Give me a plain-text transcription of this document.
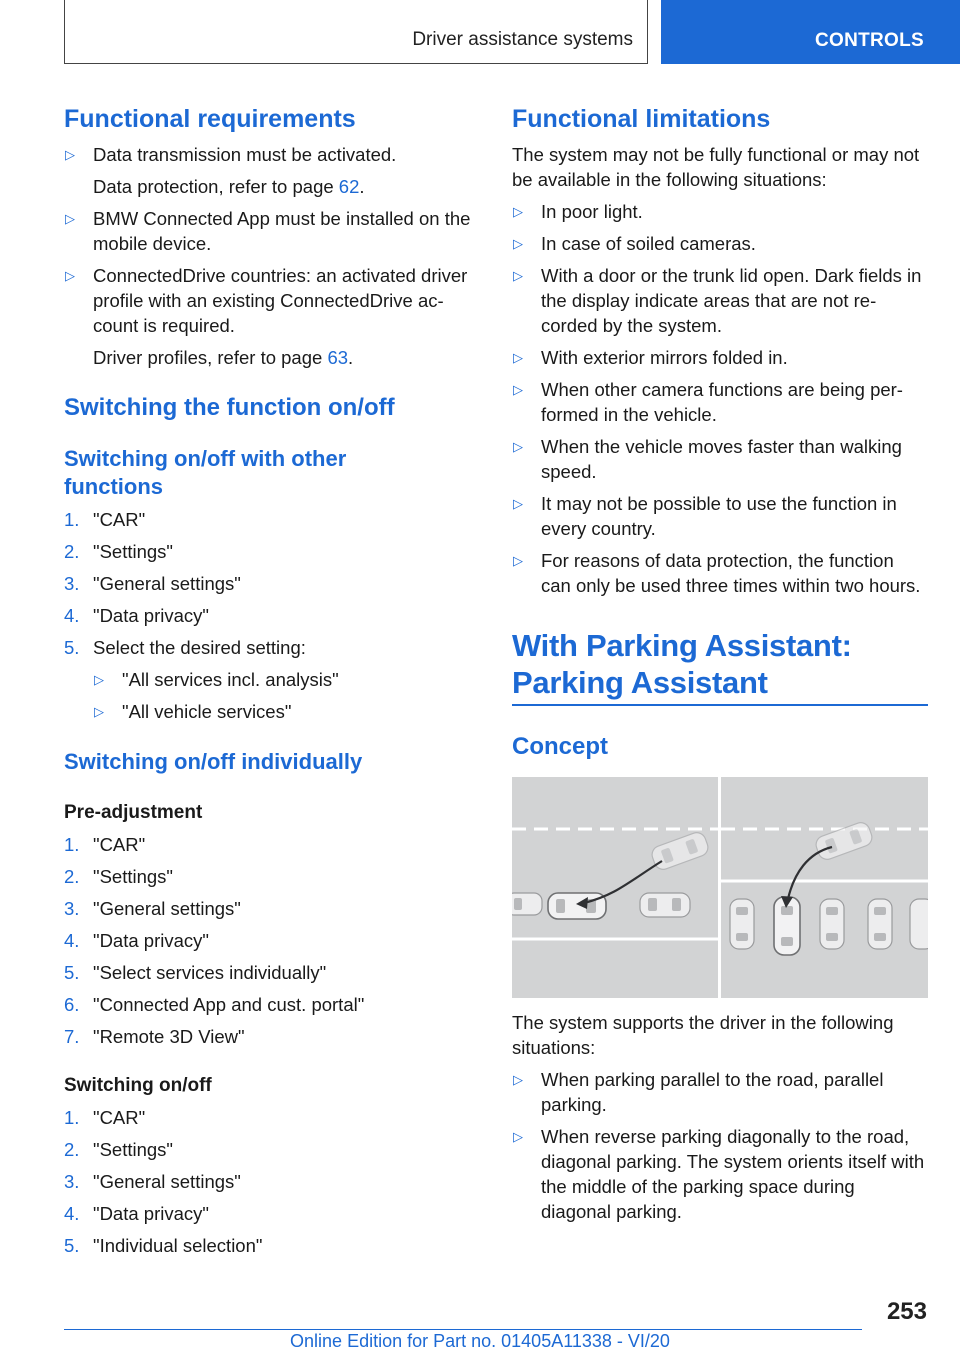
Driver assistance systems	CONTROLS
Functional requirements
▷ Data transmission must be activated.
Data protection, refer to page 62.
▷ BMW Connected App must be installed on the mobile device.
▷ ConnectedDrive countries: an activated driver profile with an existing ConnectedDrive ac-count is required.
Driver profiles, refer to page 63.
Switching the function on/off
Switching on/off with other functions
1. "CAR"
2. "Settings"
3. "General settings"
4. "Data privacy"
5. Select the desired setting:
▷ "All services incl. analysis"
▷ "All vehicle services"
Switching on/off individually
Pre-adjustment
1. "CAR"
2. "Settings"
3. "General settings"
4. "Data privacy"
5. "Select services individually"
6. "Connected App and cust. portal"
7. "Remote 3D View"
Switching on/off
1. "CAR"
2. "Settings"
3. "General settings"
4. "Data privacy"
5. "Individual selection"
Functional limitations

The system may not be fully functional or may not be available in the following situations:

▷ In poor light.
▷ In case of soiled cameras.
▷ With a door or the trunk lid open. Dark fields in the display indicate areas that are not re-corded by the system.
▷ With exterior mirrors folded in.
▷ When other camera functions are being per-formed in the vehicle.
▷ When the vehicle moves faster than walking speed.
▷ It may not be possible to use the function in every country.
▷ For reasons of data protection, the function can only be used three times within two hours.
With Parking Assistant: Parking Assistant
Concept

The system supports the driver in the following situations:

▷ When parking parallel to the road, parallel parking.
▷ When reverse parking diagonally to the road, diagonal parking. The system orients itself with the middle of the parking space during diagonal parking.
253
Online Edition for Part no. 01405A11338 - VI/20
